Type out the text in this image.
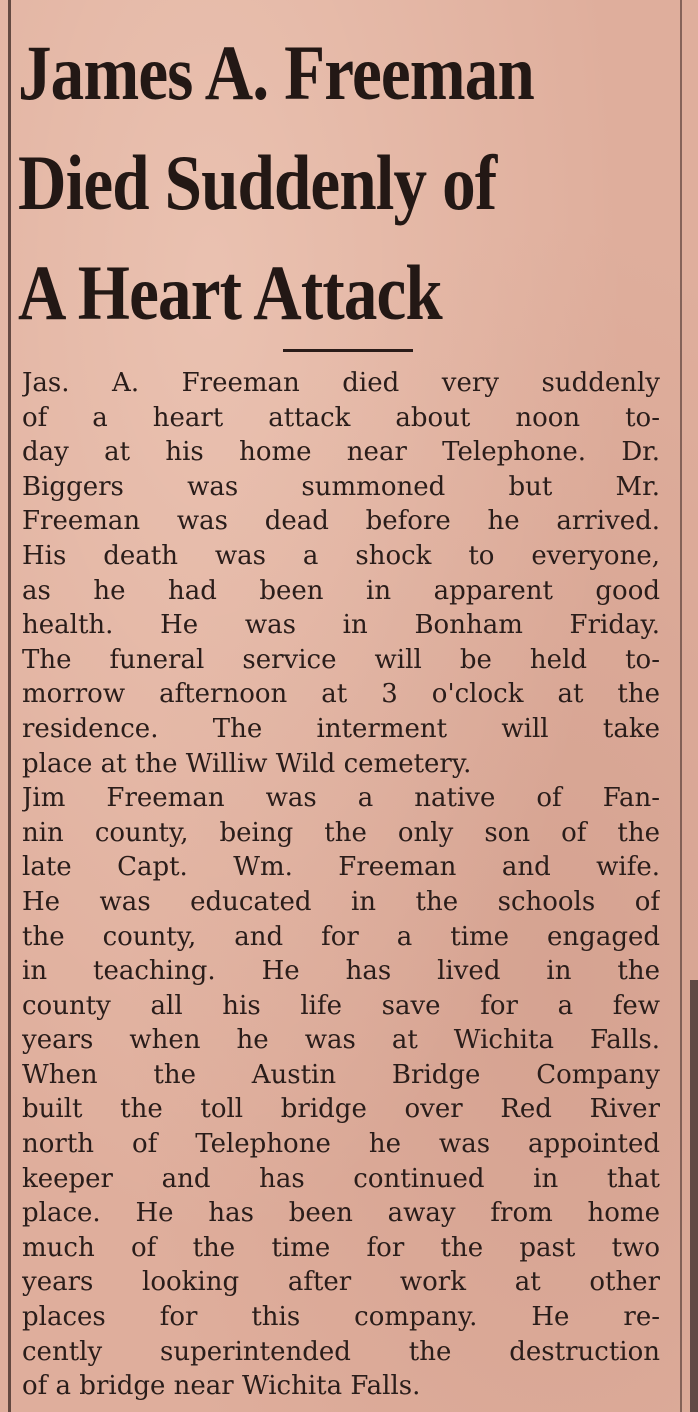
James A. Freeman
Died Suddenly of
A Heart Attack
Jas. A. Freeman died very suddenly
of a heart attack about noon to-
day at his home near Telephone. Dr.
Biggers was summoned but Mr.
Freeman was dead before he arrived.
His death was a shock to everyone,
as he had been in apparent good
health. He was in Bonham Friday.
The funeral service will be held to-
morrow afternoon at 3 o'clock at the
residence. The interment will take
place at the Williw Wild cemetery.
Jim Freeman was a native of Fan-
nin county, being the only son of the
late Capt. Wm. Freeman and wife.
He was educated in the schools of
the county, and for a time engaged
in teaching. He has lived in the
county all his life save for a few
years when he was at Wichita Falls.
When the Austin Bridge Company
built the toll bridge over Red River
north of Telephone he was appointed
keeper and has continued in that
place. He has been away from home
much of the time for the past two
years looking after work at other
places for this company. He re-
cently superintended the destruction
of a bridge near Wichita Falls.
